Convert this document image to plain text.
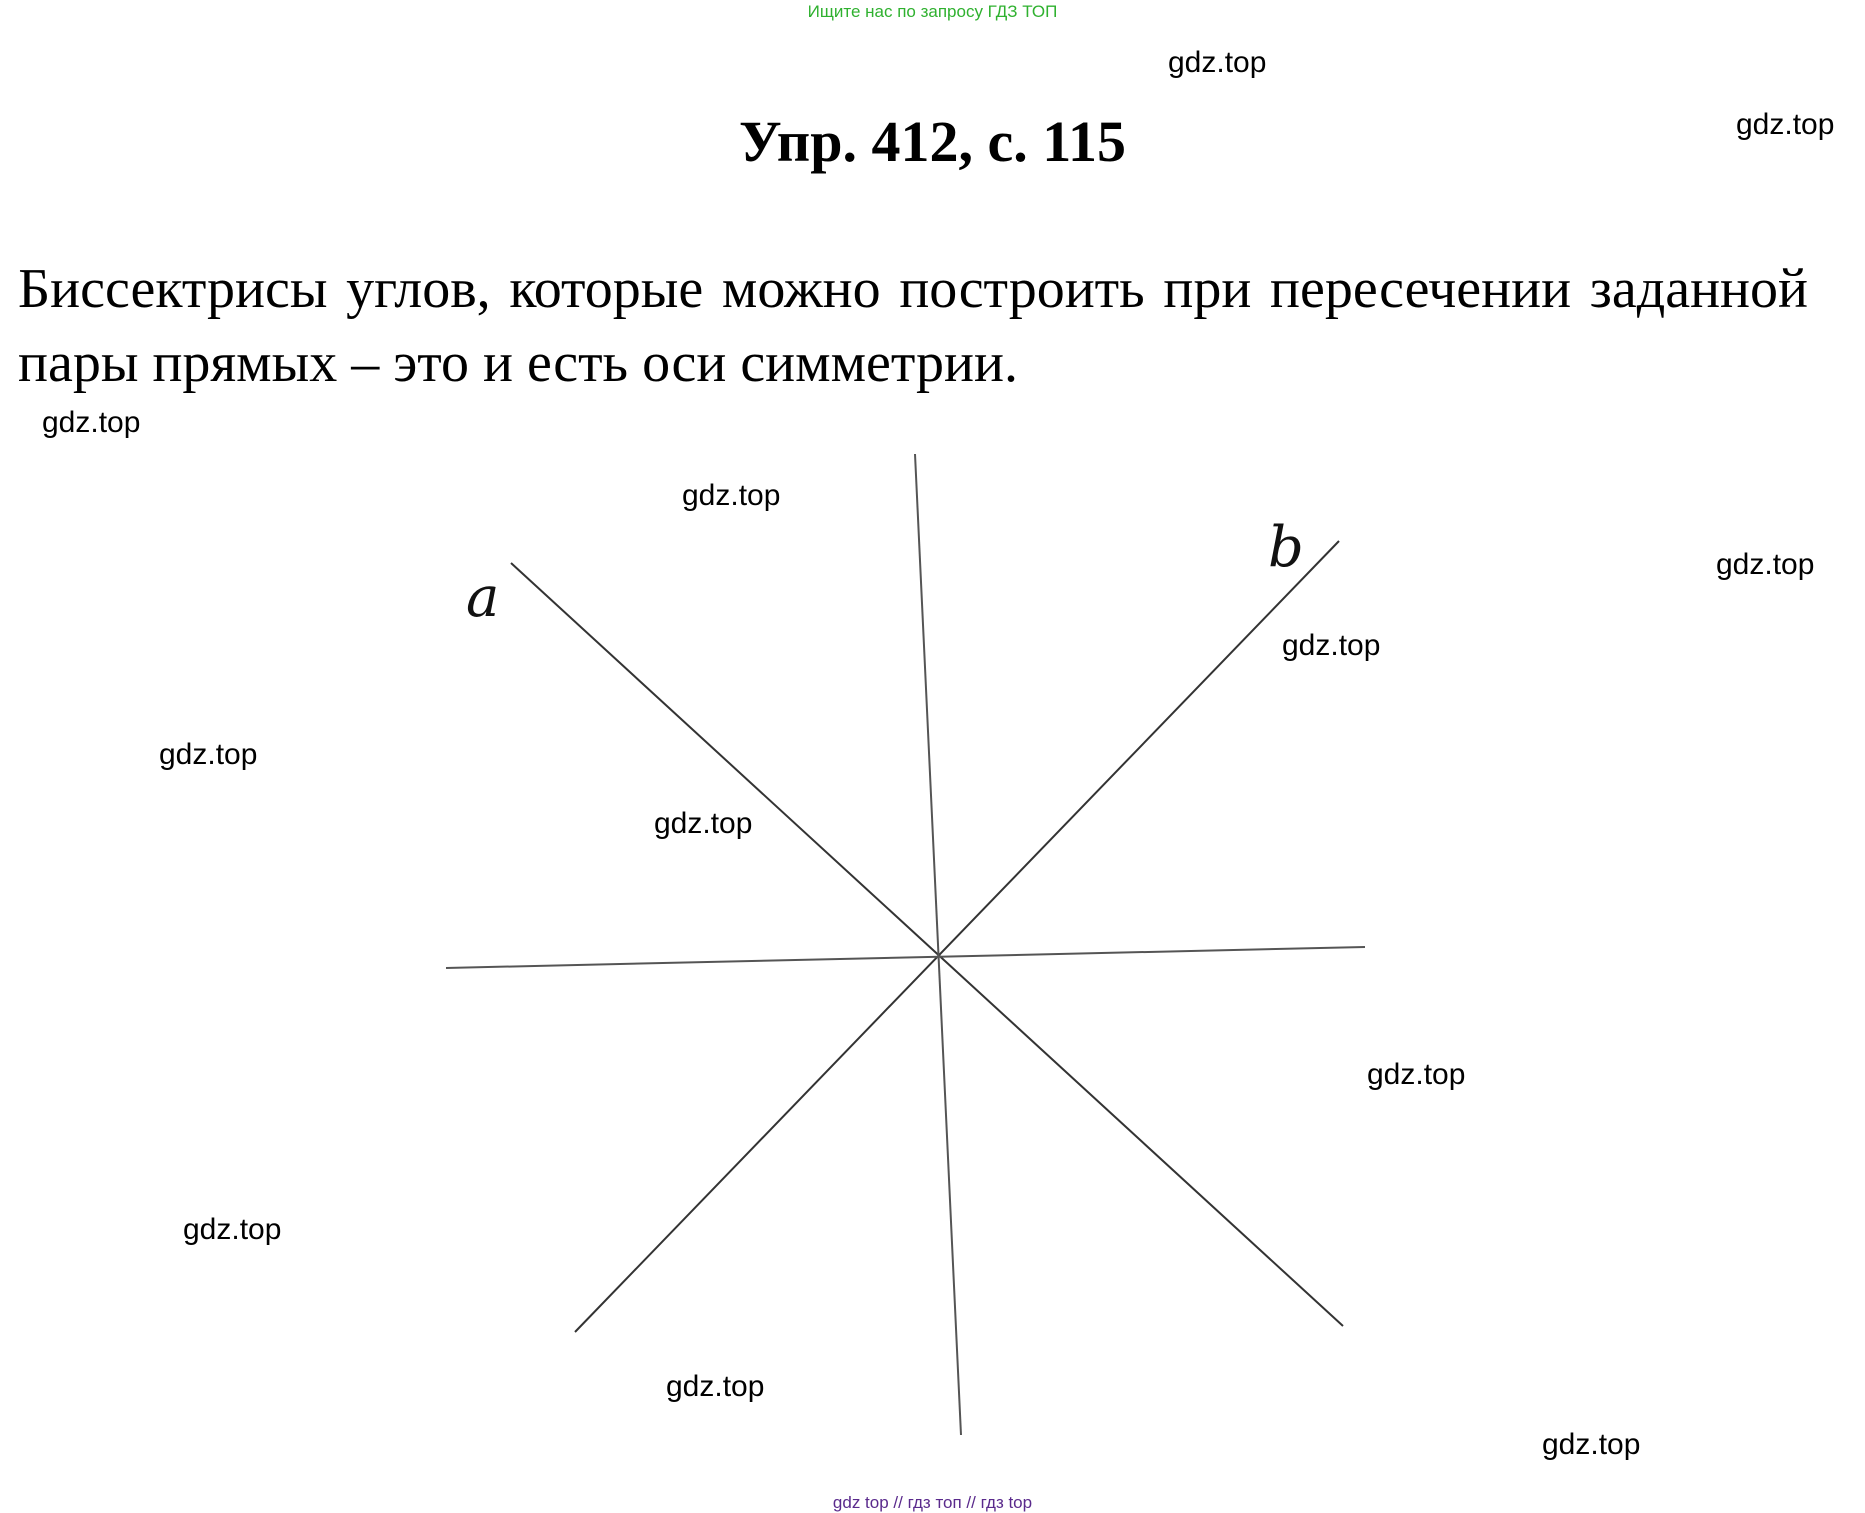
Ищите нас по запросу ГДЗ ТОП
Упр. 412, с. 115
Биссектрисы углов, которые можно построить при пересечении заданной пары прямых – это и есть оси симметрии.
a
b
gdz.top
gdz.top
gdz.top
gdz.top
gdz.top
gdz.top
gdz.top
gdz.top
gdz.top
gdz.top
gdz.top
gdz.top
gdz top // гдз топ // гдз top
